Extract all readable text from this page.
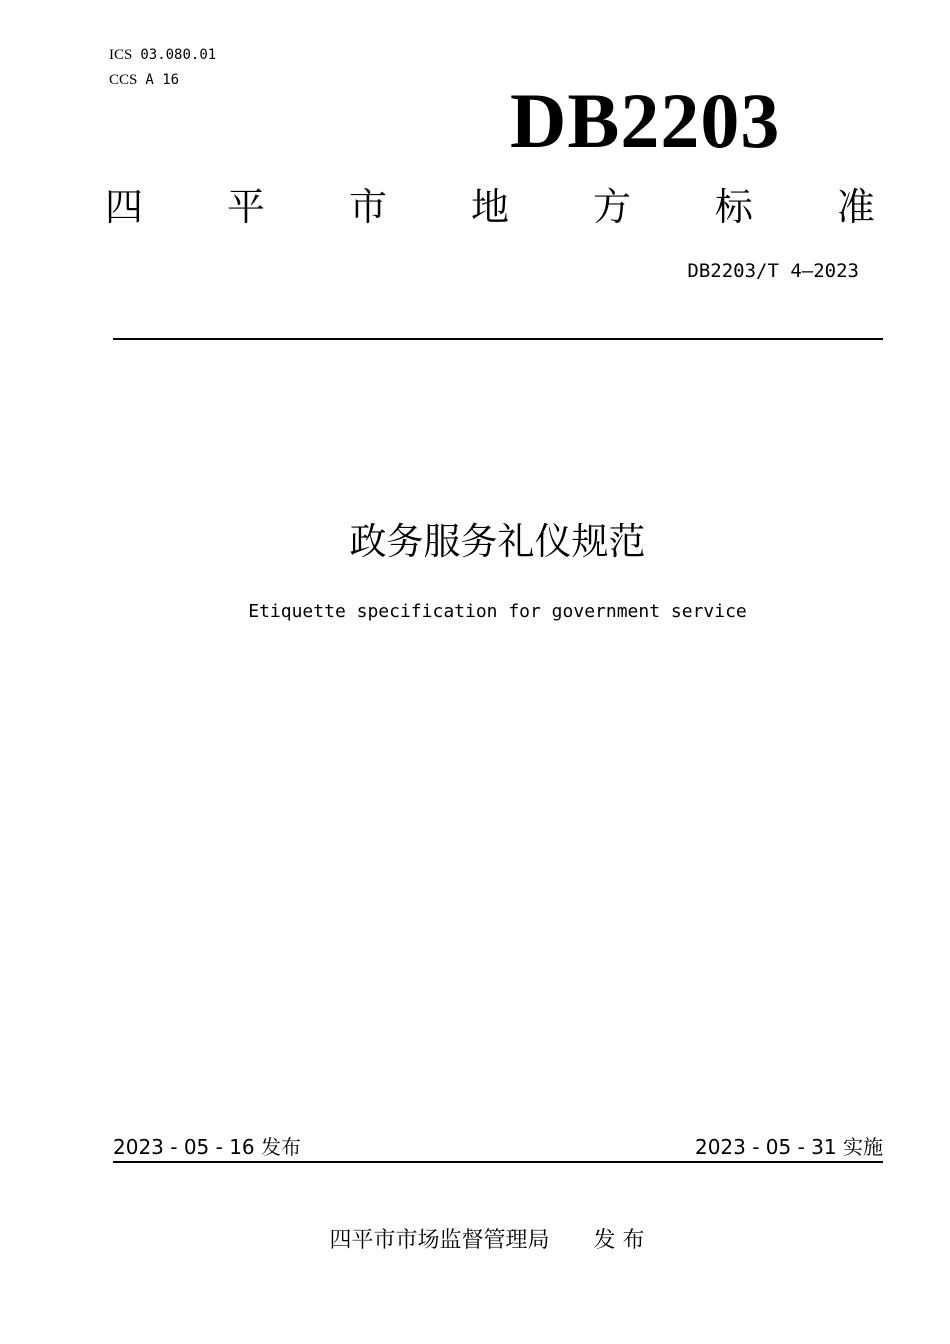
ICS 03.080.01
CCS A 16	DB2203
四 平 市 地 方 标 准
DB2203/T 4—2023
政务服务礼仪规范
Etiquette specification for government service
2023 - 05 - 16 发布	2023 - 05 - 31 实施
四平市市场监督管理局 发 布
